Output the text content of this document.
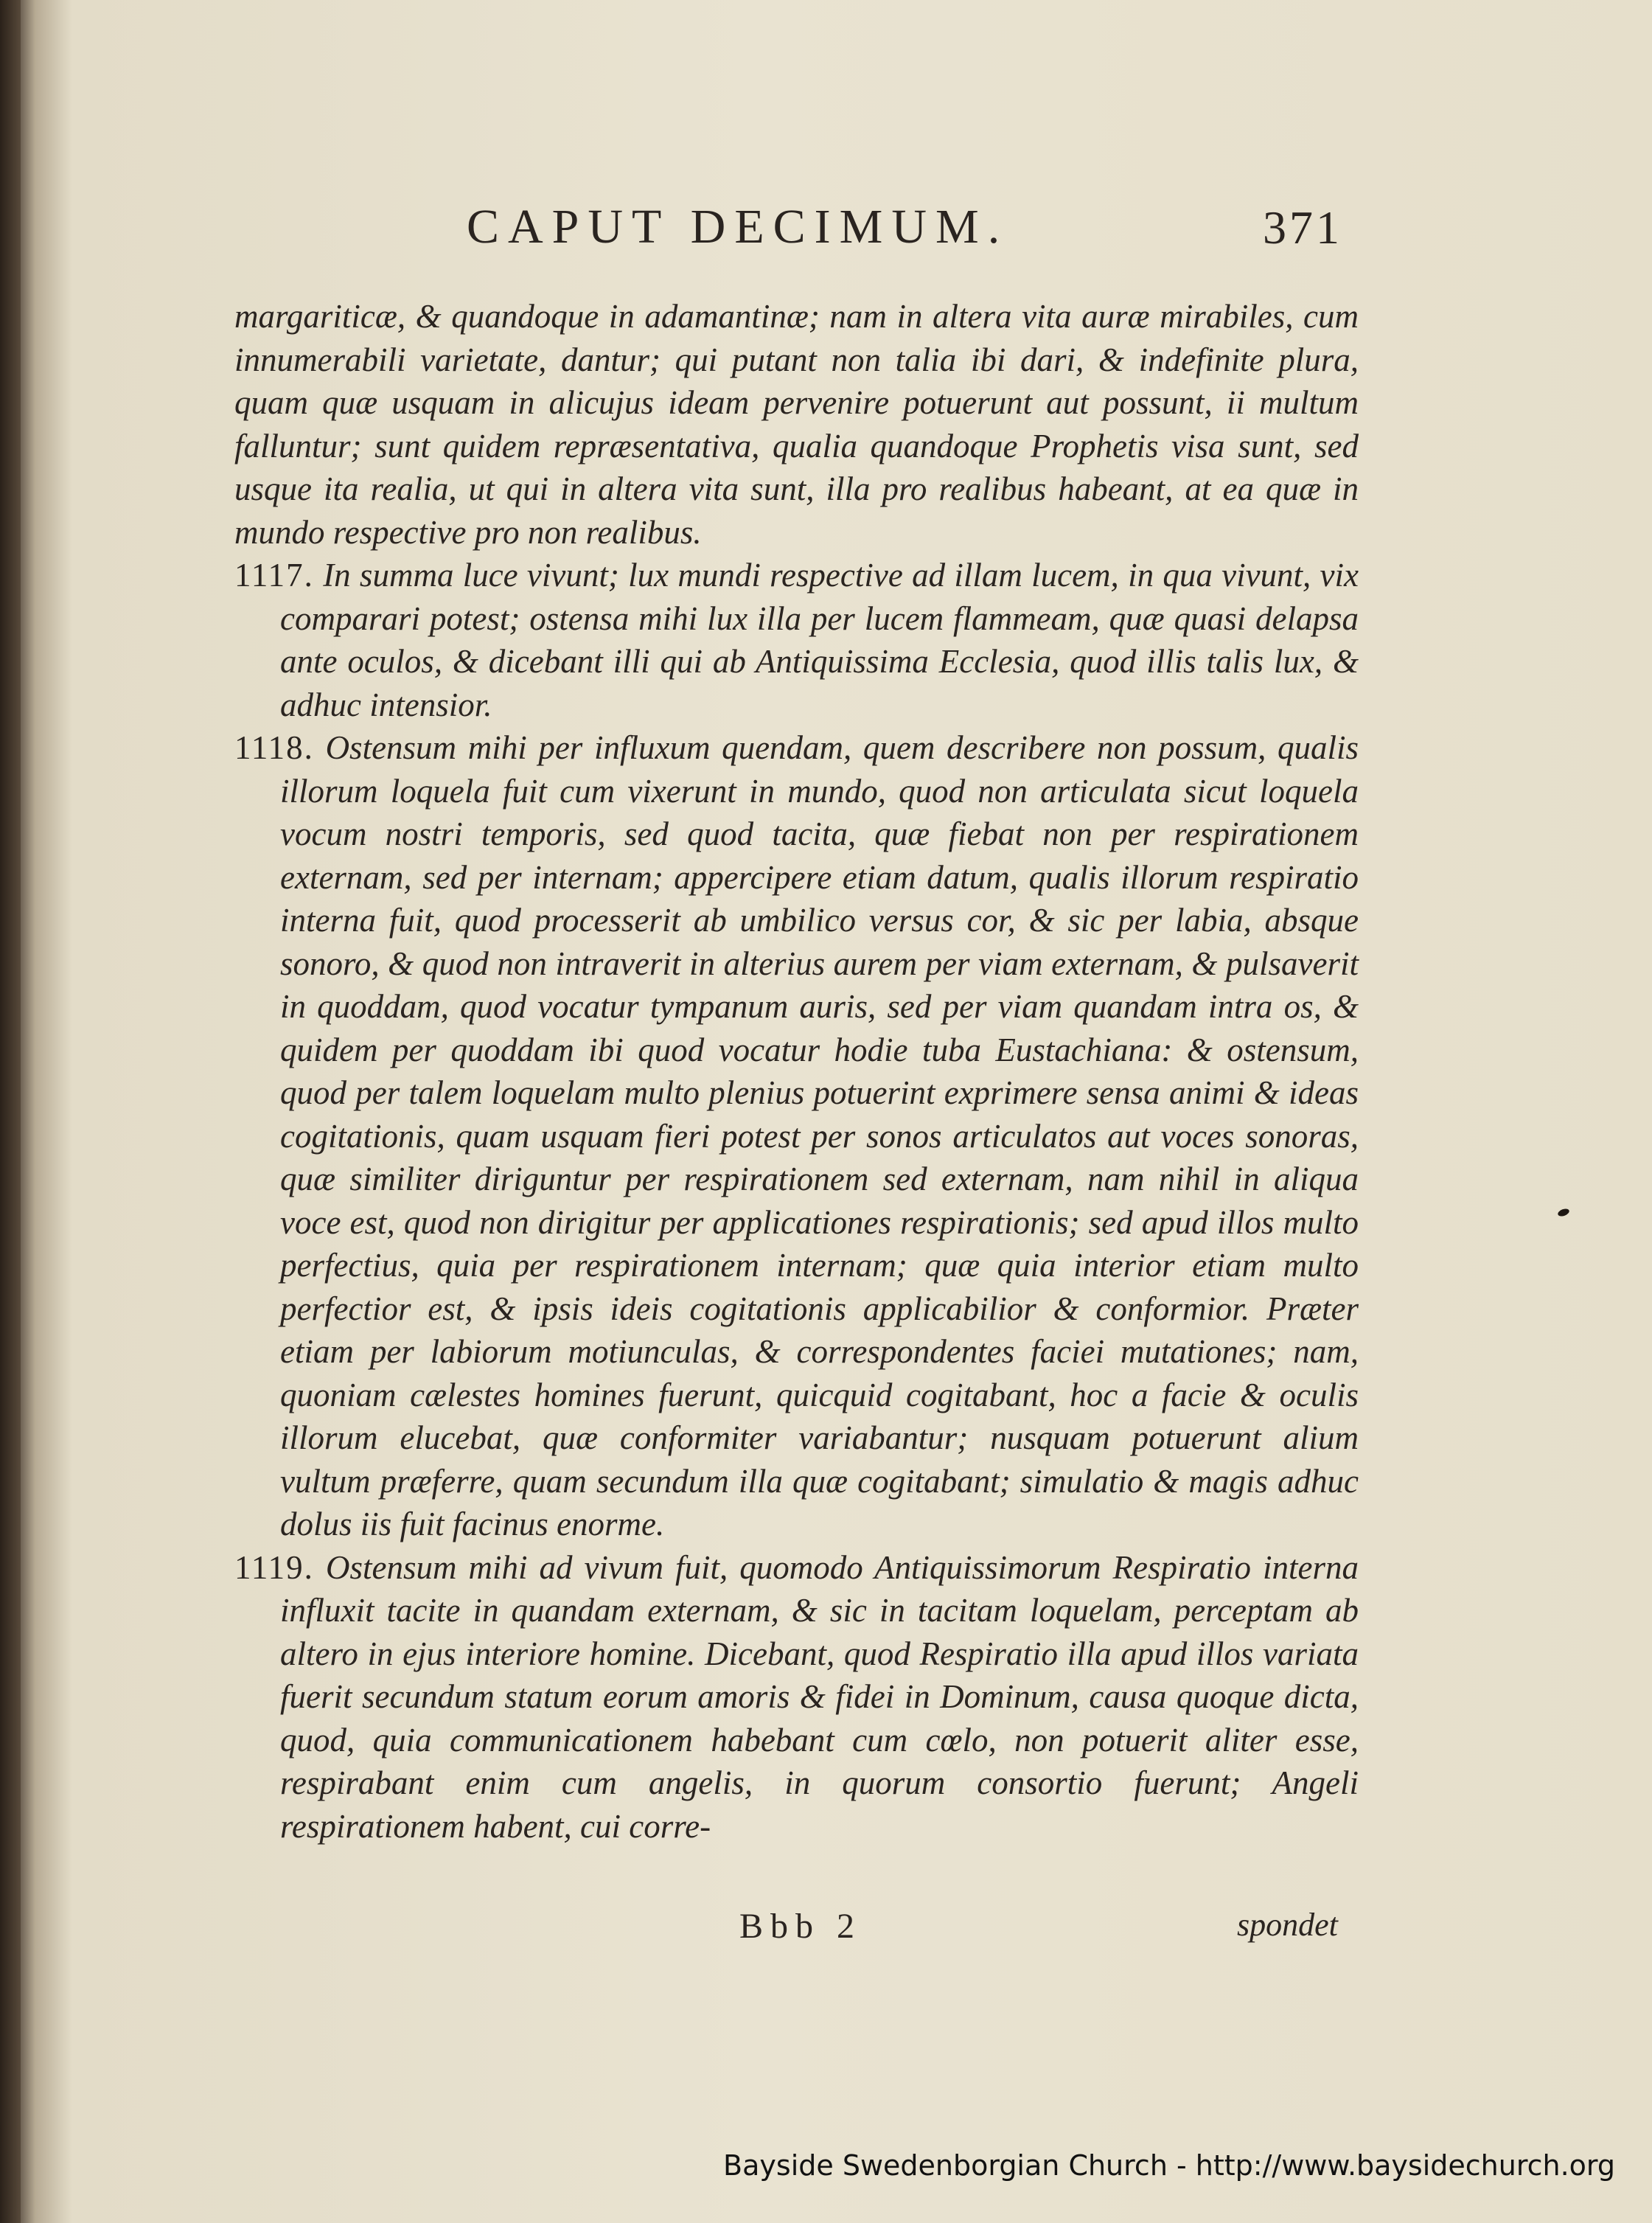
CAPUT DECIMUM.	371

margariticæ, & quandoque in adamantinæ; nam in altera vita auræ mirabiles, cum innumerabili varietate, dantur; qui putant non talia ibi dari, & indefinite plura, quam quæ usquam in alicujus ideam pervenire potuerunt aut possunt, ii multum falluntur; sunt quidem repræsentativa, qualia quandoque Prophetis visa sunt, sed usque ita realia, ut qui in altera vita sunt, illa pro realibus habeant, at ea quæ in mundo respective pro non realibus.

1117. In summa luce vivunt; lux mundi respective ad illam lucem, in qua vivunt, vix comparari potest; ostensa mihi lux illa per lucem flammeam, quæ quasi delapsa ante oculos, & dicebant illi qui ab Antiquissima Ecclesia, quod illis talis lux, & adhuc intensior.

1118. Ostensum mihi per influxum quendam, quem describere non possum, qualis illorum loquela fuit cum vixerunt in mundo, quod non articulata sicut loquela vocum nostri temporis, sed quod tacita, quæ fiebat non per respirationem externam, sed per internam; appercipere etiam datum, qualis illorum respiratio interna fuit, quod processerit ab umbilico versus cor, & sic per labia, absque sonoro, & quod non intraverit in alterius aurem per viam externam, & pulsaverit in quoddam, quod vocatur tympanum auris, sed per viam quandam intra os, & quidem per quoddam ibi quod vocatur hodie tuba Eustachiana: & ostensum, quod per talem loquelam multo plenius potuerint exprimere sensa animi & ideas cogitationis, quam usquam fieri potest per sonos articulatos aut voces sonoras, quæ similiter diriguntur per respirationem sed externam, nam nihil in aliqua voce est, quod non dirigitur per applicationes respirationis; sed apud illos multo perfectius, quia per respirationem internam; quæ quia interior etiam multo perfectior est, & ipsis ideis cogitationis applicabilior & conformior. Præter etiam per labiorum motiunculas, & correspondentes faciei mutationes; nam, quoniam cælestes homines fuerunt, quicquid cogitabant, hoc a facie & oculis illorum elucebat, quæ conformiter variabantur; nusquam potuerunt alium vultum præferre, quam secundum illa quæ cogitabant; simulatio & magis adhuc dolus iis fuit facinus enorme.

1119. Ostensum mihi ad vivum fuit, quomodo Antiquissimorum Respiratio interna influxit tacite in quandam externam, & sic in tacitam loquelam, perceptam ab altero in ejus interiore homine. Dicebant, quod Respiratio illa apud illos variata fuerit secundum statum eorum amoris & fidei in Dominum, causa quoque dicta, quod, quia communicationem habebant cum cœlo, non potuerit aliter esse, respirabant enim cum angelis, in quorum consortio fuerunt; Angeli respirationem habent, cui corre-

Bbb 2	spondet
Bayside Swedenborgian Church - http://www.baysidechurch.org
